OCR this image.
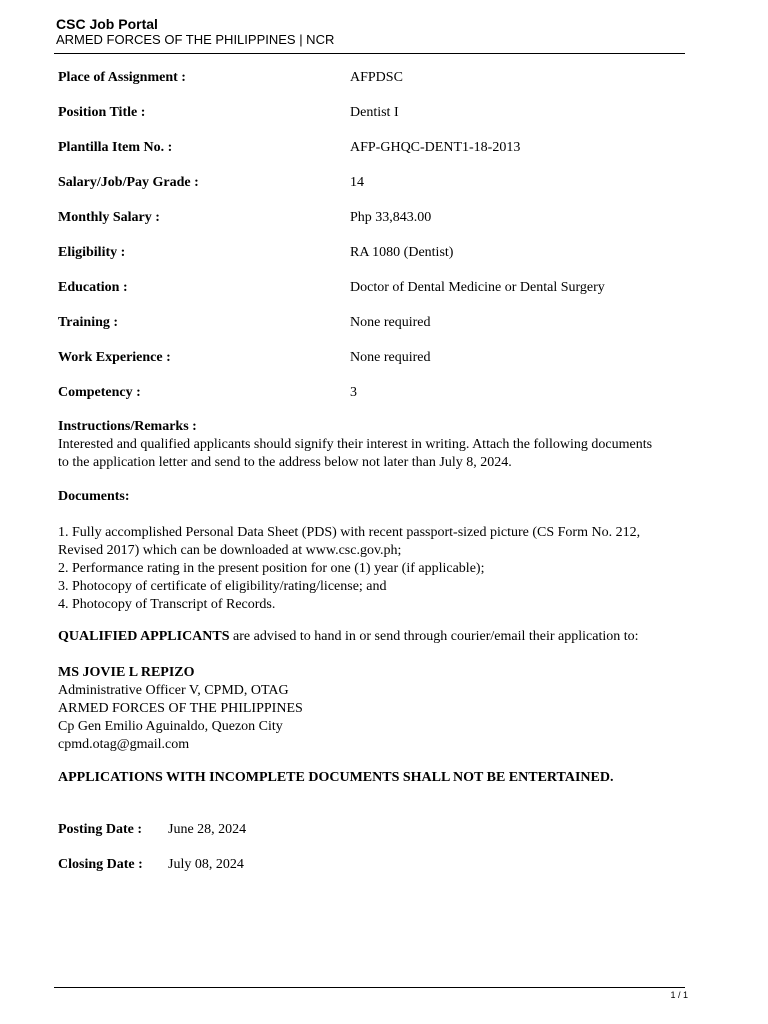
CSC Job Portal
ARMED FORCES OF THE PHILIPPINES | NCR
Place of Assignment :	AFPDSC
Position Title :	Dentist I
Plantilla Item No. :	AFP-GHQC-DENT1-18-2013
Salary/Job/Pay Grade :	14
Monthly Salary :	Php 33,843.00
Eligibility :	RA 1080 (Dentist)
Education :	Doctor of Dental Medicine or Dental Surgery
Training :	None required
Work Experience :	None required
Competency :	3
Instructions/Remarks :
Interested and qualified applicants should signify their interest in writing. Attach the following documents
to the application letter and send to the address below not later than July 8, 2024.
Documents:
1. Fully accomplished Personal Data Sheet (PDS) with recent passport-sized picture (CS Form No. 212,
Revised 2017) which can be downloaded at www.csc.gov.ph;
2. Performance rating in the present position for one (1) year (if applicable);
3. Photocopy of certificate of eligibility/rating/license; and
4. Photocopy of Transcript of Records.
QUALIFIED APPLICANTS are advised to hand in or send through courier/email their application to:
MS JOVIE L REPIZO
Administrative Officer V, CPMD, OTAG
ARMED FORCES OF THE PHILIPPINES
Cp Gen Emilio Aguinaldo, Quezon City
cpmd.otag@gmail.com
APPLICATIONS WITH INCOMPLETE DOCUMENTS SHALL NOT BE ENTERTAINED.
Posting Date : June 28, 2024
Closing Date : July 08, 2024
1 / 1
